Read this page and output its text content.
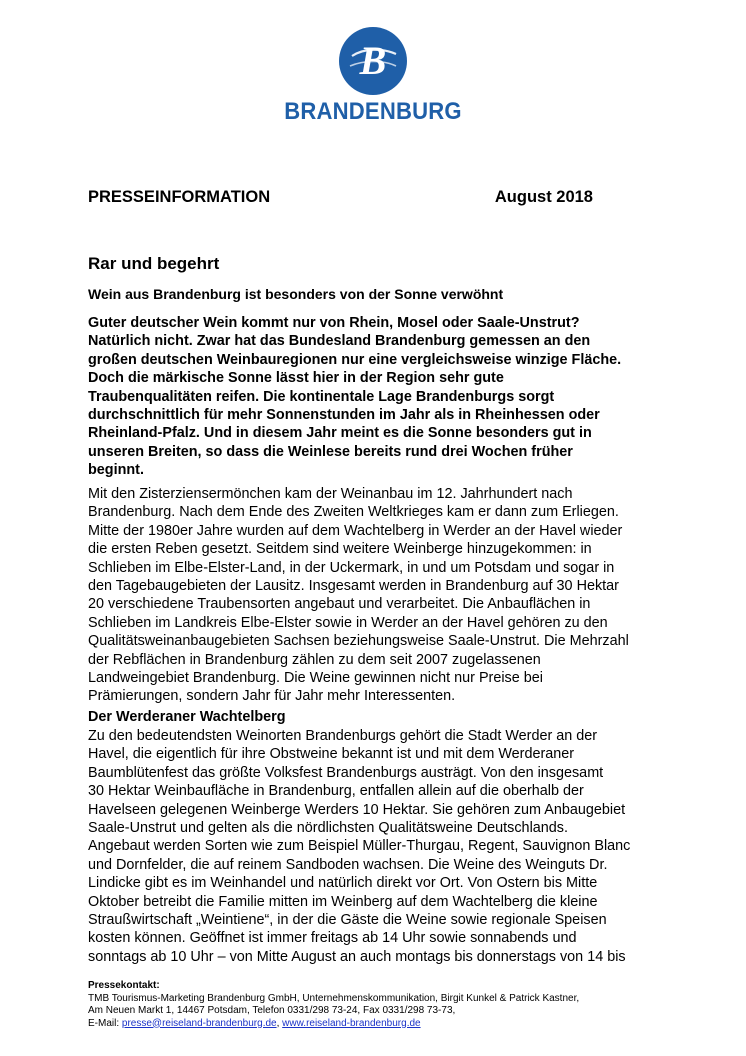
B
BRANDENBURG
PRESSEINFORMATION	August 2018
Rar und begehrt
Wein aus Brandenburg ist besonders von der Sonne verwöhnt
Guter deutscher Wein kommt nur von Rhein, Mosel oder Saale-Unstrut?
Natürlich nicht. Zwar hat das Bundesland Brandenburg gemessen an den
großen deutschen Weinbauregionen nur eine vergleichsweise winzige Fläche.
Doch die märkische Sonne lässt hier in der Region sehr gute
Traubenqualitäten reifen. Die kontinentale Lage Brandenburgs sorgt
durchschnittlich für mehr Sonnenstunden im Jahr als in Rheinhessen oder
Rheinland-Pfalz. Und in diesem Jahr meint es die Sonne besonders gut in
unseren Breiten, so dass die Weinlese bereits rund drei Wochen früher
beginnt.
Mit den Zisterziensermönchen kam der Weinanbau im 12. Jahrhundert nach
Brandenburg. Nach dem Ende des Zweiten Weltkrieges kam er dann zum Erliegen.
Mitte der 1980er Jahre wurden auf dem Wachtelberg in Werder an der Havel wieder
die ersten Reben gesetzt. Seitdem sind weitere Weinberge hinzugekommen: in
Schlieben im Elbe-Elster-Land, in der Uckermark, in und um Potsdam und sogar in
den Tagebaugebieten der Lausitz. Insgesamt werden in Brandenburg auf 30 Hektar
20 verschiedene Traubensorten angebaut und verarbeitet. Die Anbauflächen in
Schlieben im Landkreis Elbe-Elster sowie in Werder an der Havel gehören zu den
Qualitätsweinanbaugebieten Sachsen beziehungsweise Saale-Unstrut. Die Mehrzahl
der Rebflächen in Brandenburg zählen zu dem seit 2007 zugelassenen
Landweingebiet Brandenburg. Die Weine gewinnen nicht nur Preise bei
Prämierungen, sondern Jahr für Jahr mehr Interessenten.
Der Werderaner Wachtelberg
Zu den bedeutendsten Weinorten Brandenburgs gehört die Stadt Werder an der
Havel, die eigentlich für ihre Obstweine bekannt ist und mit dem Werderaner
Baumblütenfest das größte Volksfest Brandenburgs austrägt. Von den insgesamt
30 Hektar Weinbaufläche in Brandenburg, entfallen allein auf die oberhalb der
Havelseen gelegenen Weinberge Werders 10 Hektar. Sie gehören zum Anbaugebiet
Saale-Unstrut und gelten als die nördlichsten Qualitätsweine Deutschlands.
Angebaut werden Sorten wie zum Beispiel Müller-Thurgau, Regent, Sauvignon Blanc
und Dornfelder, die auf reinem Sandboden wachsen. Die Weine des Weinguts Dr.
Lindicke gibt es im Weinhandel und natürlich direkt vor Ort. Von Ostern bis Mitte
Oktober betreibt die Familie mitten im Weinberg auf dem Wachtelberg die kleine
Straußwirtschaft „Weintiene“, in der die Gäste die Weine sowie regionale Speisen
kosten können. Geöffnet ist immer freitags ab 14 Uhr sowie sonnabends und
sonntags ab 10 Uhr – von Mitte August an auch montags bis donnerstags von 14 bis
Pressekontakt:
TMB Tourismus-Marketing Brandenburg GmbH, Unternehmenskommunikation, Birgit Kunkel & Patrick Kastner,
Am Neuen Markt 1, 14467 Potsdam, Telefon 0331/298 73-24, Fax 0331/298 73-73,
E-Mail: presse@reiseland-brandenburg.de, www.reiseland-brandenburg.de
